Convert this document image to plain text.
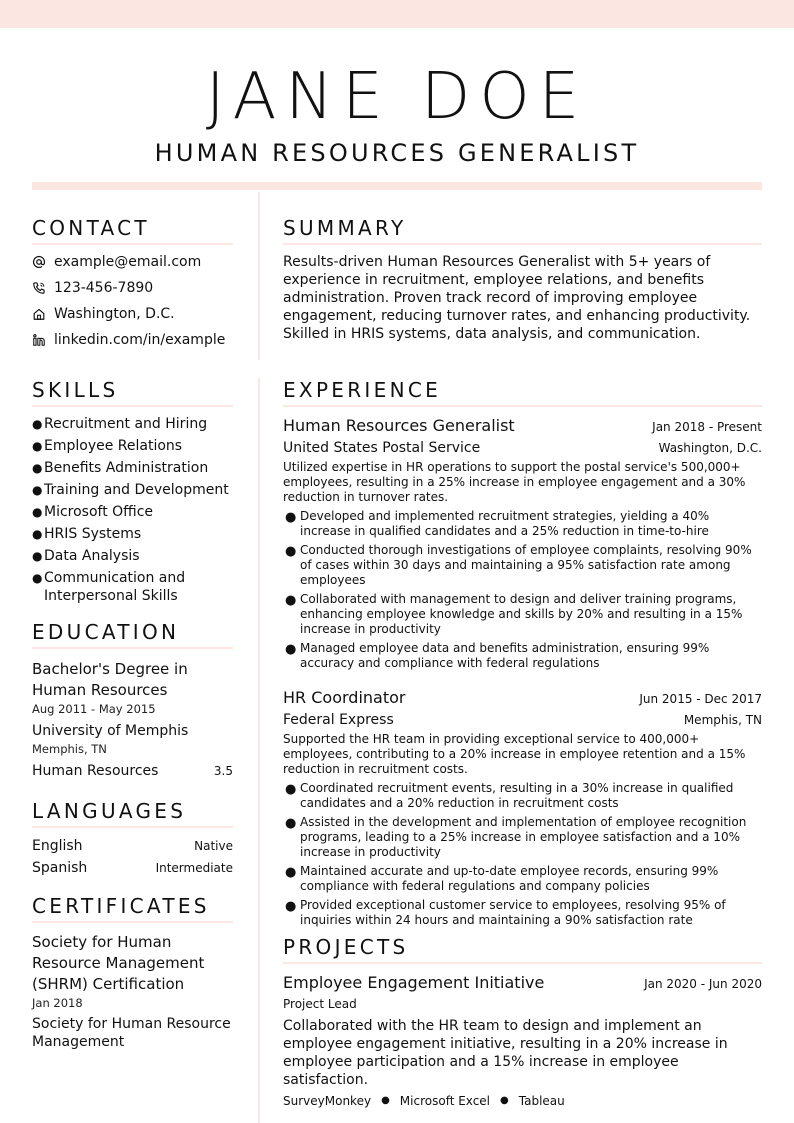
JANE DOE
HUMAN RESOURCES GENERALIST
CONTACT
example@email.com
123-456-7890
Washington, D.C.
linkedin.com/in/example
SKILLS
● Recruitment and Hiring
● Employee Relations
● Benefits Administration
● Training and Development
● Microsoft Office
● HRIS Systems
● Data Analysis
● Communication and Interpersonal Skills
EDUCATION
Bachelor's Degree in Human Resources
Aug 2011 - May 2015
University of Memphis
Memphis, TN
Human Resources	3.5
LANGUAGES
English	Native
Spanish	Intermediate
CERTIFICATES
Society for Human Resource Management (SHRM) Certification
Jan 2018
Society for Human Resource Management
SUMMARY

Results-driven Human Resources Generalist with 5+ years of experience in recruitment, employee relations, and benefits administration. Proven track record of improving employee engagement, reducing turnover rates, and enhancing productivity. Skilled in HRIS systems, data analysis, and communication.

EXPERIENCE
Human Resources Generalist	Jan 2018 - Present
United States Postal Service	Washington, D.C.

Utilized expertise in HR operations to support the postal service's 500,000+ employees, resulting in a 25% increase in employee engagement and a 30% reduction in turnover rates.

● Developed and implemented recruitment strategies, yielding a 40% increase in qualified candidates and a 25% reduction in time-to-hire
● Conducted thorough investigations of employee complaints, resolving 90% of cases within 30 days and maintaining a 95% satisfaction rate among employees
● Collaborated with management to design and deliver training programs, enhancing employee knowledge and skills by 20% and resulting in a 15% increase in productivity
● Managed employee data and benefits administration, ensuring 99% accuracy and compliance with federal regulations
HR Coordinator	Jun 2015 - Dec 2017
Federal Express	Memphis, TN

Supported the HR team in providing exceptional service to 400,000+ employees, contributing to a 20% increase in employee retention and a 15% reduction in recruitment costs.

● Coordinated recruitment events, resulting in a 30% increase in qualified candidates and a 20% reduction in recruitment costs
● Assisted in the development and implementation of employee recognition programs, leading to a 25% increase in employee satisfaction and a 10% increase in productivity
● Maintained accurate and up-to-date employee records, ensuring 99% compliance with federal regulations and company policies
● Provided exceptional customer service to employees, resolving 95% of inquiries within 24 hours and maintaining a 90% satisfaction rate
PROJECTS
Employee Engagement Initiative	Jan 2020 - Jun 2020
Project Lead

Collaborated with the HR team to design and implement an employee engagement initiative, resulting in a 20% increase in employee participation and a 15% increase in employee satisfaction.

SurveyMonkey ● Microsoft Excel ● Tableau
